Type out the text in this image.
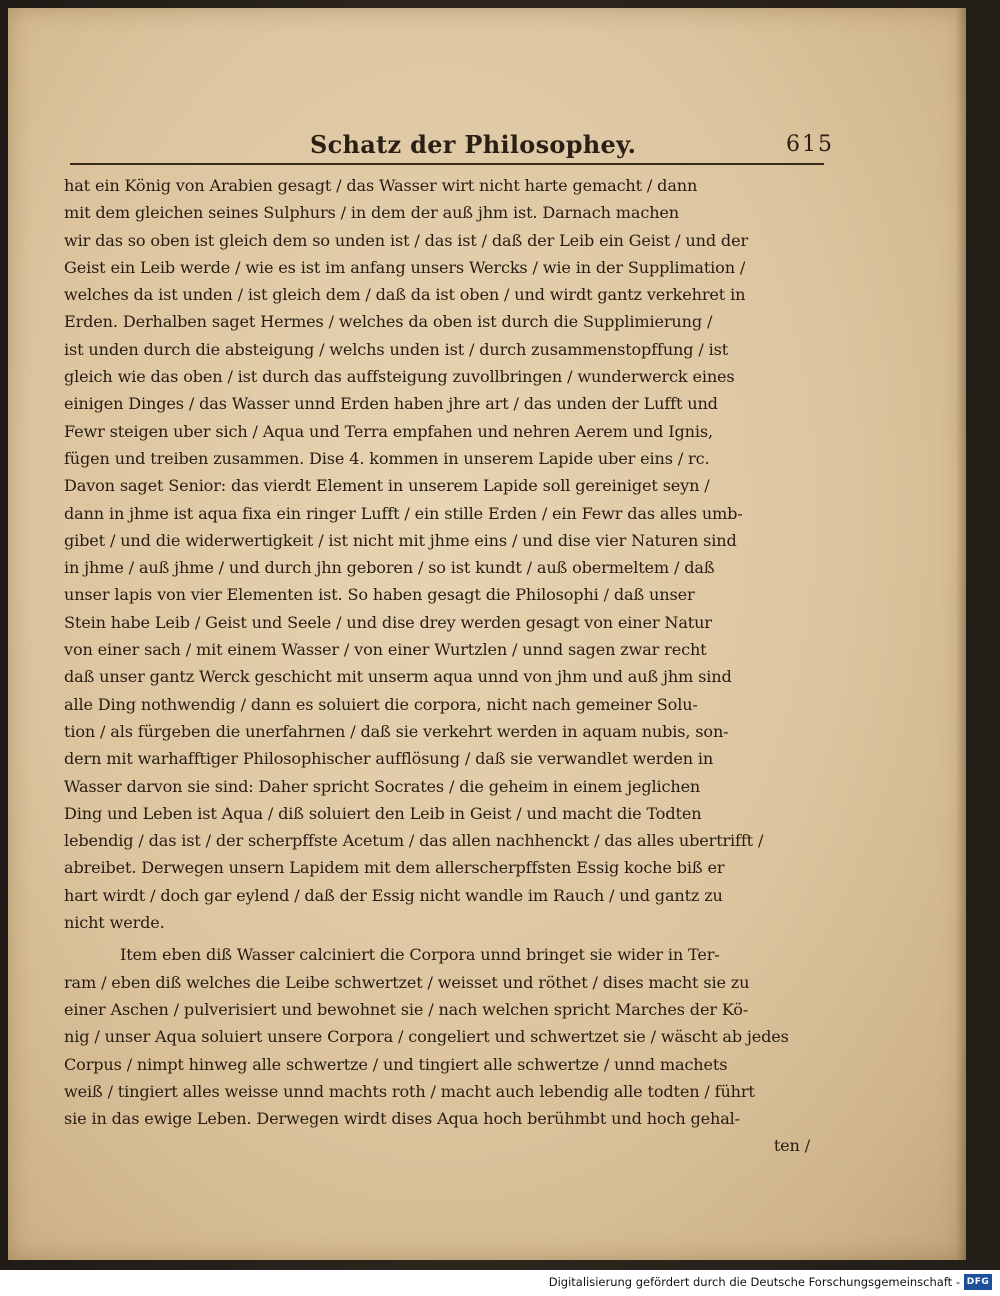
Schatz der Philosophey.	615
hat ein König von Arabien gesagt / das Wasser wirt nicht harte gemacht / dann
mit dem gleichen seines Sulphurs / in dem der auß jhm ist. Darnach machen
wir das so oben ist gleich dem so unden ist / das ist / daß der Leib ein Geist / und der
Geist ein Leib werde / wie es ist im anfang unsers Wercks / wie in der Supplimation /
welches da ist unden / ist gleich dem / daß da ist oben / und wirdt gantz verkehret in
Erden. Derhalben saget Hermes / welches da oben ist durch die Supplimierung /
ist unden durch die absteigung / welchs unden ist / durch zusammenstopffung / ist
gleich wie das oben / ist durch das auffsteigung zuvollbringen / wunderwerck eines
einigen Dinges / das Wasser unnd Erden haben jhre art / das unden der Lufft und
Fewr steigen uber sich / Aqua und Terra empfahen und nehren Aerem und Ignis,
fügen und treiben zusammen. Dise 4. kommen in unserem Lapide uber eins / rc.
Davon saget Senior: das vierdt Element in unserem Lapide soll gereiniget seyn /
dann in jhme ist aqua fixa ein ringer Lufft / ein stille Erden / ein Fewr das alles umb-
gibet / und die widerwertigkeit / ist nicht mit jhme eins / und dise vier Naturen sind
in jhme / auß jhme / und durch jhn geboren / so ist kundt / auß obermeltem / daß
unser lapis von vier Elementen ist. So haben gesagt die Philosophi / daß unser
Stein habe Leib / Geist und Seele / und dise drey werden gesagt von einer Natur
von einer sach / mit einem Wasser / von einer Wurtzlen / unnd sagen zwar recht
daß unser gantz Werck geschicht mit unserm aqua unnd von jhm und auß jhm sind
alle Ding nothwendig / dann es soluiert die corpora, nicht nach gemeiner Solu-
tion / als fürgeben die unerfahrnen / daß sie verkehrt werden in aquam nubis, son-
dern mit warhafftiger Philosophischer aufflösung / daß sie verwandlet werden in
Wasser darvon sie sind: Daher spricht Socrates / die geheim in einem jeglichen
Ding und Leben ist Aqua / diß soluiert den Leib in Geist / und macht die Todten
lebendig / das ist / der scherpffste Acetum / das allen nachhenckt / das alles ubertrifft /
abreibet. Derwegen unsern Lapidem mit dem allerscherpffsten Essig koche biß er
hart wirdt / doch gar eylend / daß der Essig nicht wandle im Rauch / und gantz zu
nicht werde.
Item eben diß Wasser calciniert die Corpora unnd bringet sie wider in Ter-
ram / eben diß welches die Leibe schwertzet / weisset und röthet / dises macht sie zu
einer Aschen / pulverisiert und bewohnet sie / nach welchen spricht Marches der Kö-
nig / unser Aqua soluiert unsere Corpora / congeliert und schwertzet sie / wäscht ab jedes
Corpus / nimpt hinweg alle schwertze / und tingiert alle schwertze / unnd machets
weiß / tingiert alles weisse unnd machts roth / macht auch lebendig alle todten / führt
sie in das ewige Leben. Derwegen wirdt dises Aqua hoch berühmbt und hoch gehal-
ten /
Digitalisierung gefördert durch die Deutsche Forschungsgemeinschaft - DFG
